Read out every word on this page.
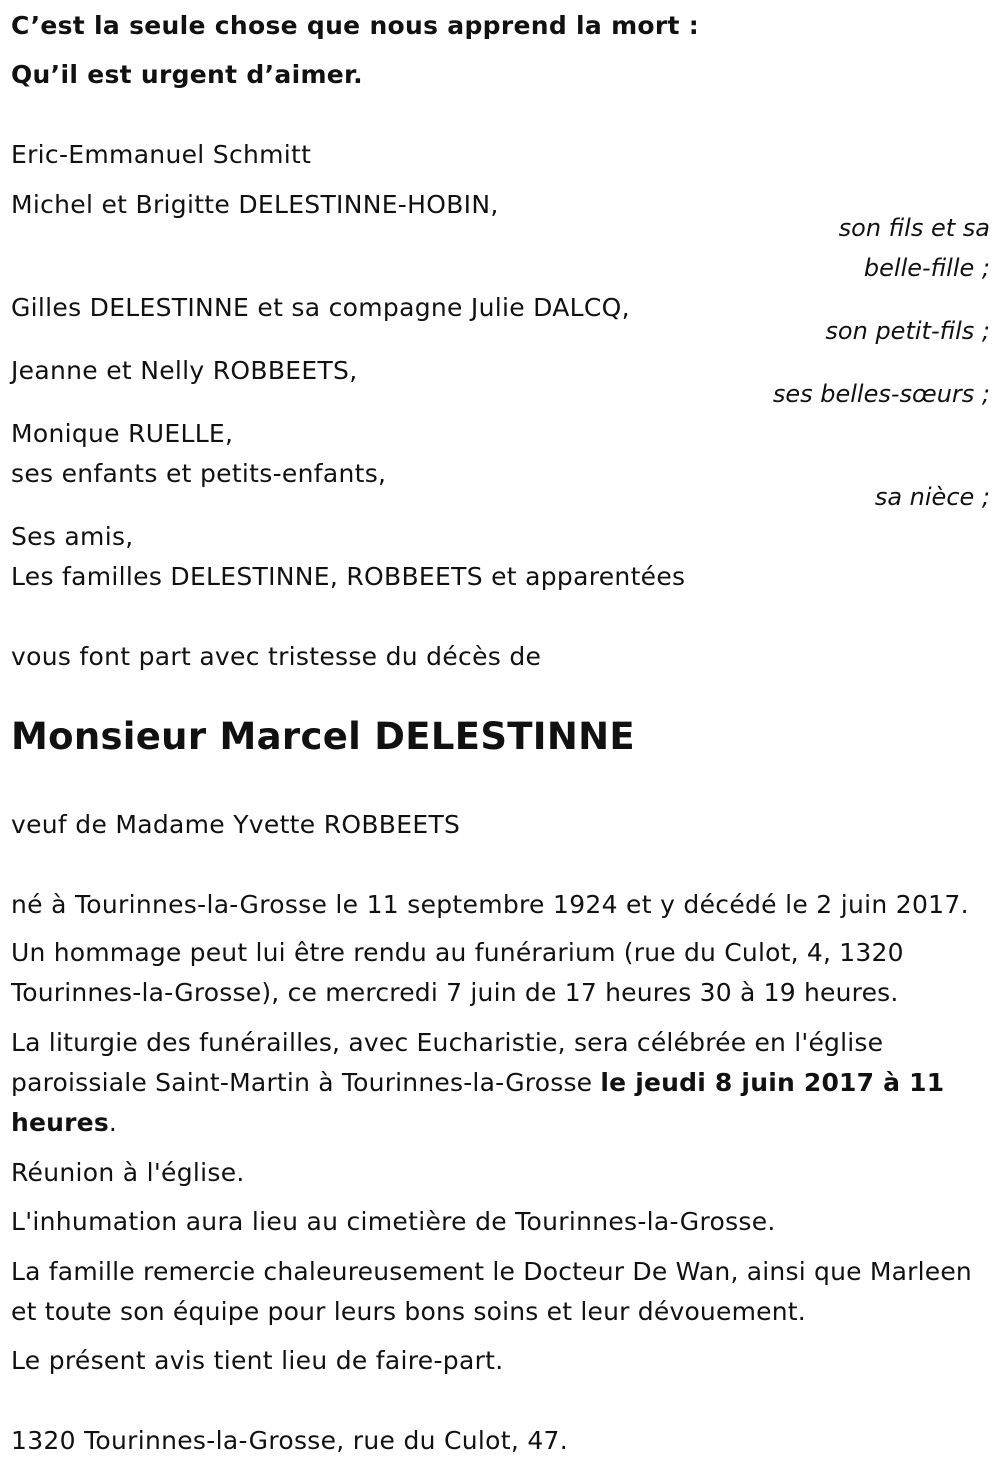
C’est la seule chose que nous apprend la mort :

Qu’il est urgent d’aimer.

Eric-Emmanuel Schmitt

Michel et Brigitte DELESTINNE-HOBIN,

son fils et sa

belle-fille ;

Gilles DELESTINNE et sa compagne Julie DALCQ,

son petit-fils ;

Jeanne et Nelly ROBBEETS,

ses belles-sœurs ;

Monique RUELLE,

ses enfants et petits-enfants,

sa nièce ;

Ses amis,

Les familles DELESTINNE, ROBBEETS et apparentées

vous font part avec tristesse du décès de

Monsieur Marcel DELESTINNE

veuf de Madame Yvette ROBBEETS

né à Tourinnes-la-Grosse le 11 septembre 1924 et y décédé le 2 juin 2017.

Un hommage peut lui être rendu au funérarium (rue du Culot, 4, 1320 Tourinnes-la-Grosse), ce mercredi 7 juin de 17 heures 30 à 19 heures.

La liturgie des funérailles, avec Eucharistie, sera célébrée en l'église paroissiale Saint-Martin à Tourinnes-la-Grosse le jeudi 8 juin 2017 à 11 heures.

Réunion à l'église.

L'inhumation aura lieu au cimetière de Tourinnes-la-Grosse.

La famille remercie chaleureusement le Docteur De Wan, ainsi que Marleen et toute son équipe pour leurs bons soins et leur dévouement.

Le présent avis tient lieu de faire-part.

1320 Tourinnes-la-Grosse, rue du Culot, 47.
